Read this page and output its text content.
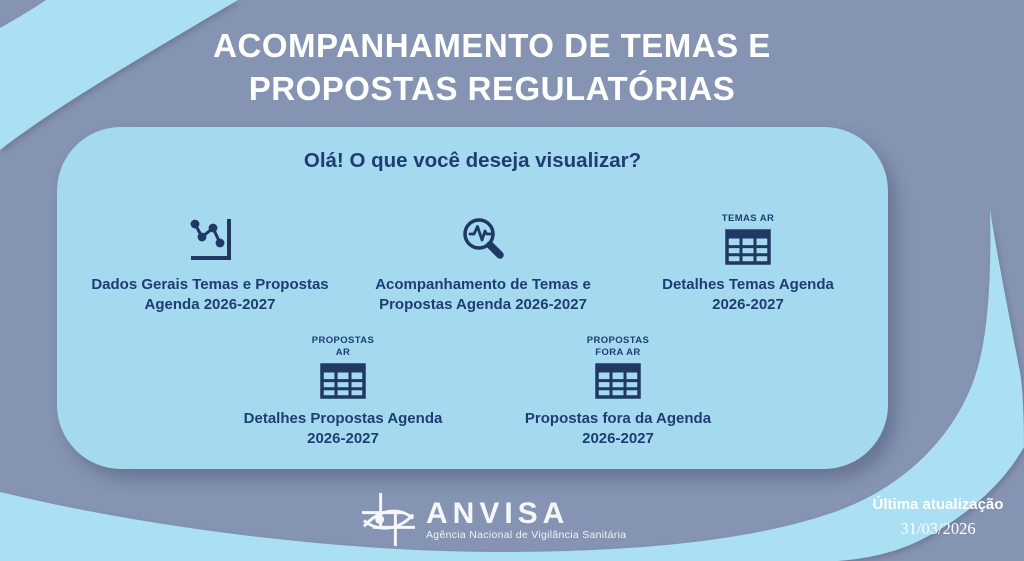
ACOMPANHAMENTO DE TEMAS E
PROPOSTAS REGULATÓRIAS
Olá! O que você deseja visualizar?
Dados Gerais Temas e Propostas
Agenda 2026-2027
Acompanhamento de Temas e
Propostas Agenda 2026-2027
TEMAS AR
Detalhes Temas Agenda
2026-2027
PROPOSTAS
AR
Detalhes Propostas Agenda
2026-2027
PROPOSTAS
FORA AR
Propostas fora da Agenda
2026-2027
ANVISA
Agência Nacional de Vigilância Sanitária
Última atualização
31/03/2026
